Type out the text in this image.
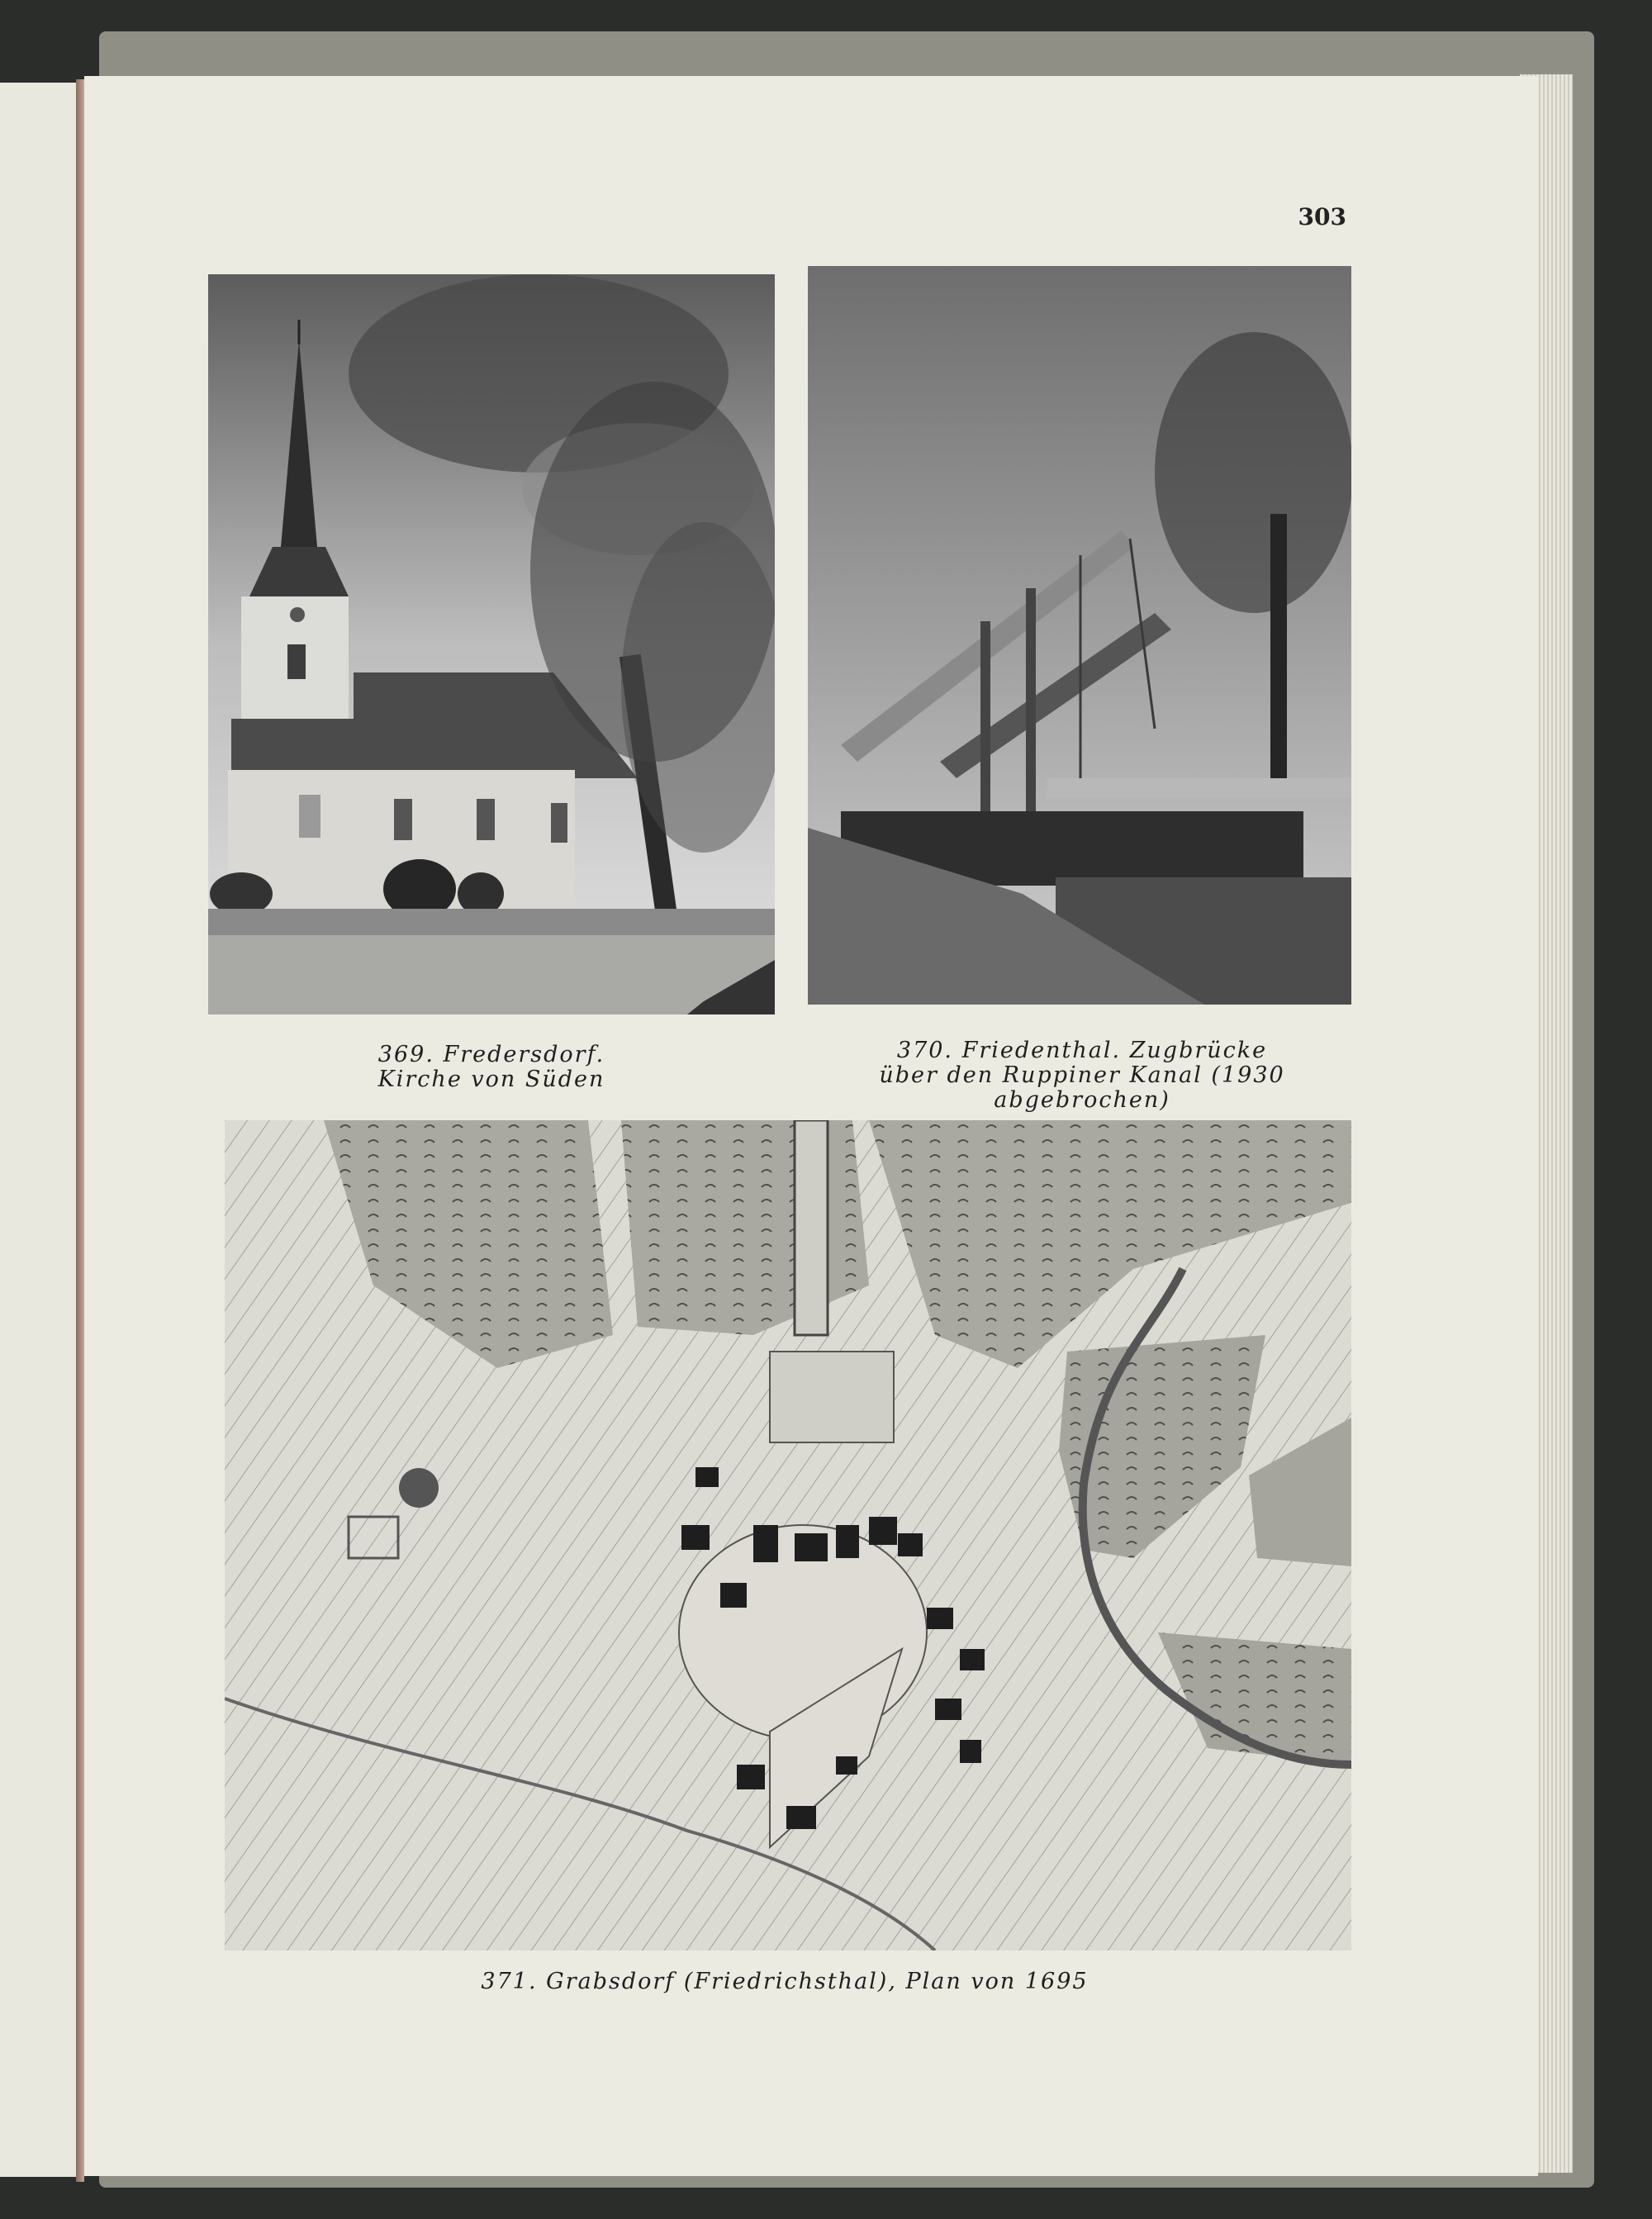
303
369. Fredersdorf.
Kirche von Süden
370. Friedenthal. Zugbrücke
über den Ruppiner Kanal (1930 abgebrochen)
371. Grabsdorf (Friedrichsthal), Plan von 1695
